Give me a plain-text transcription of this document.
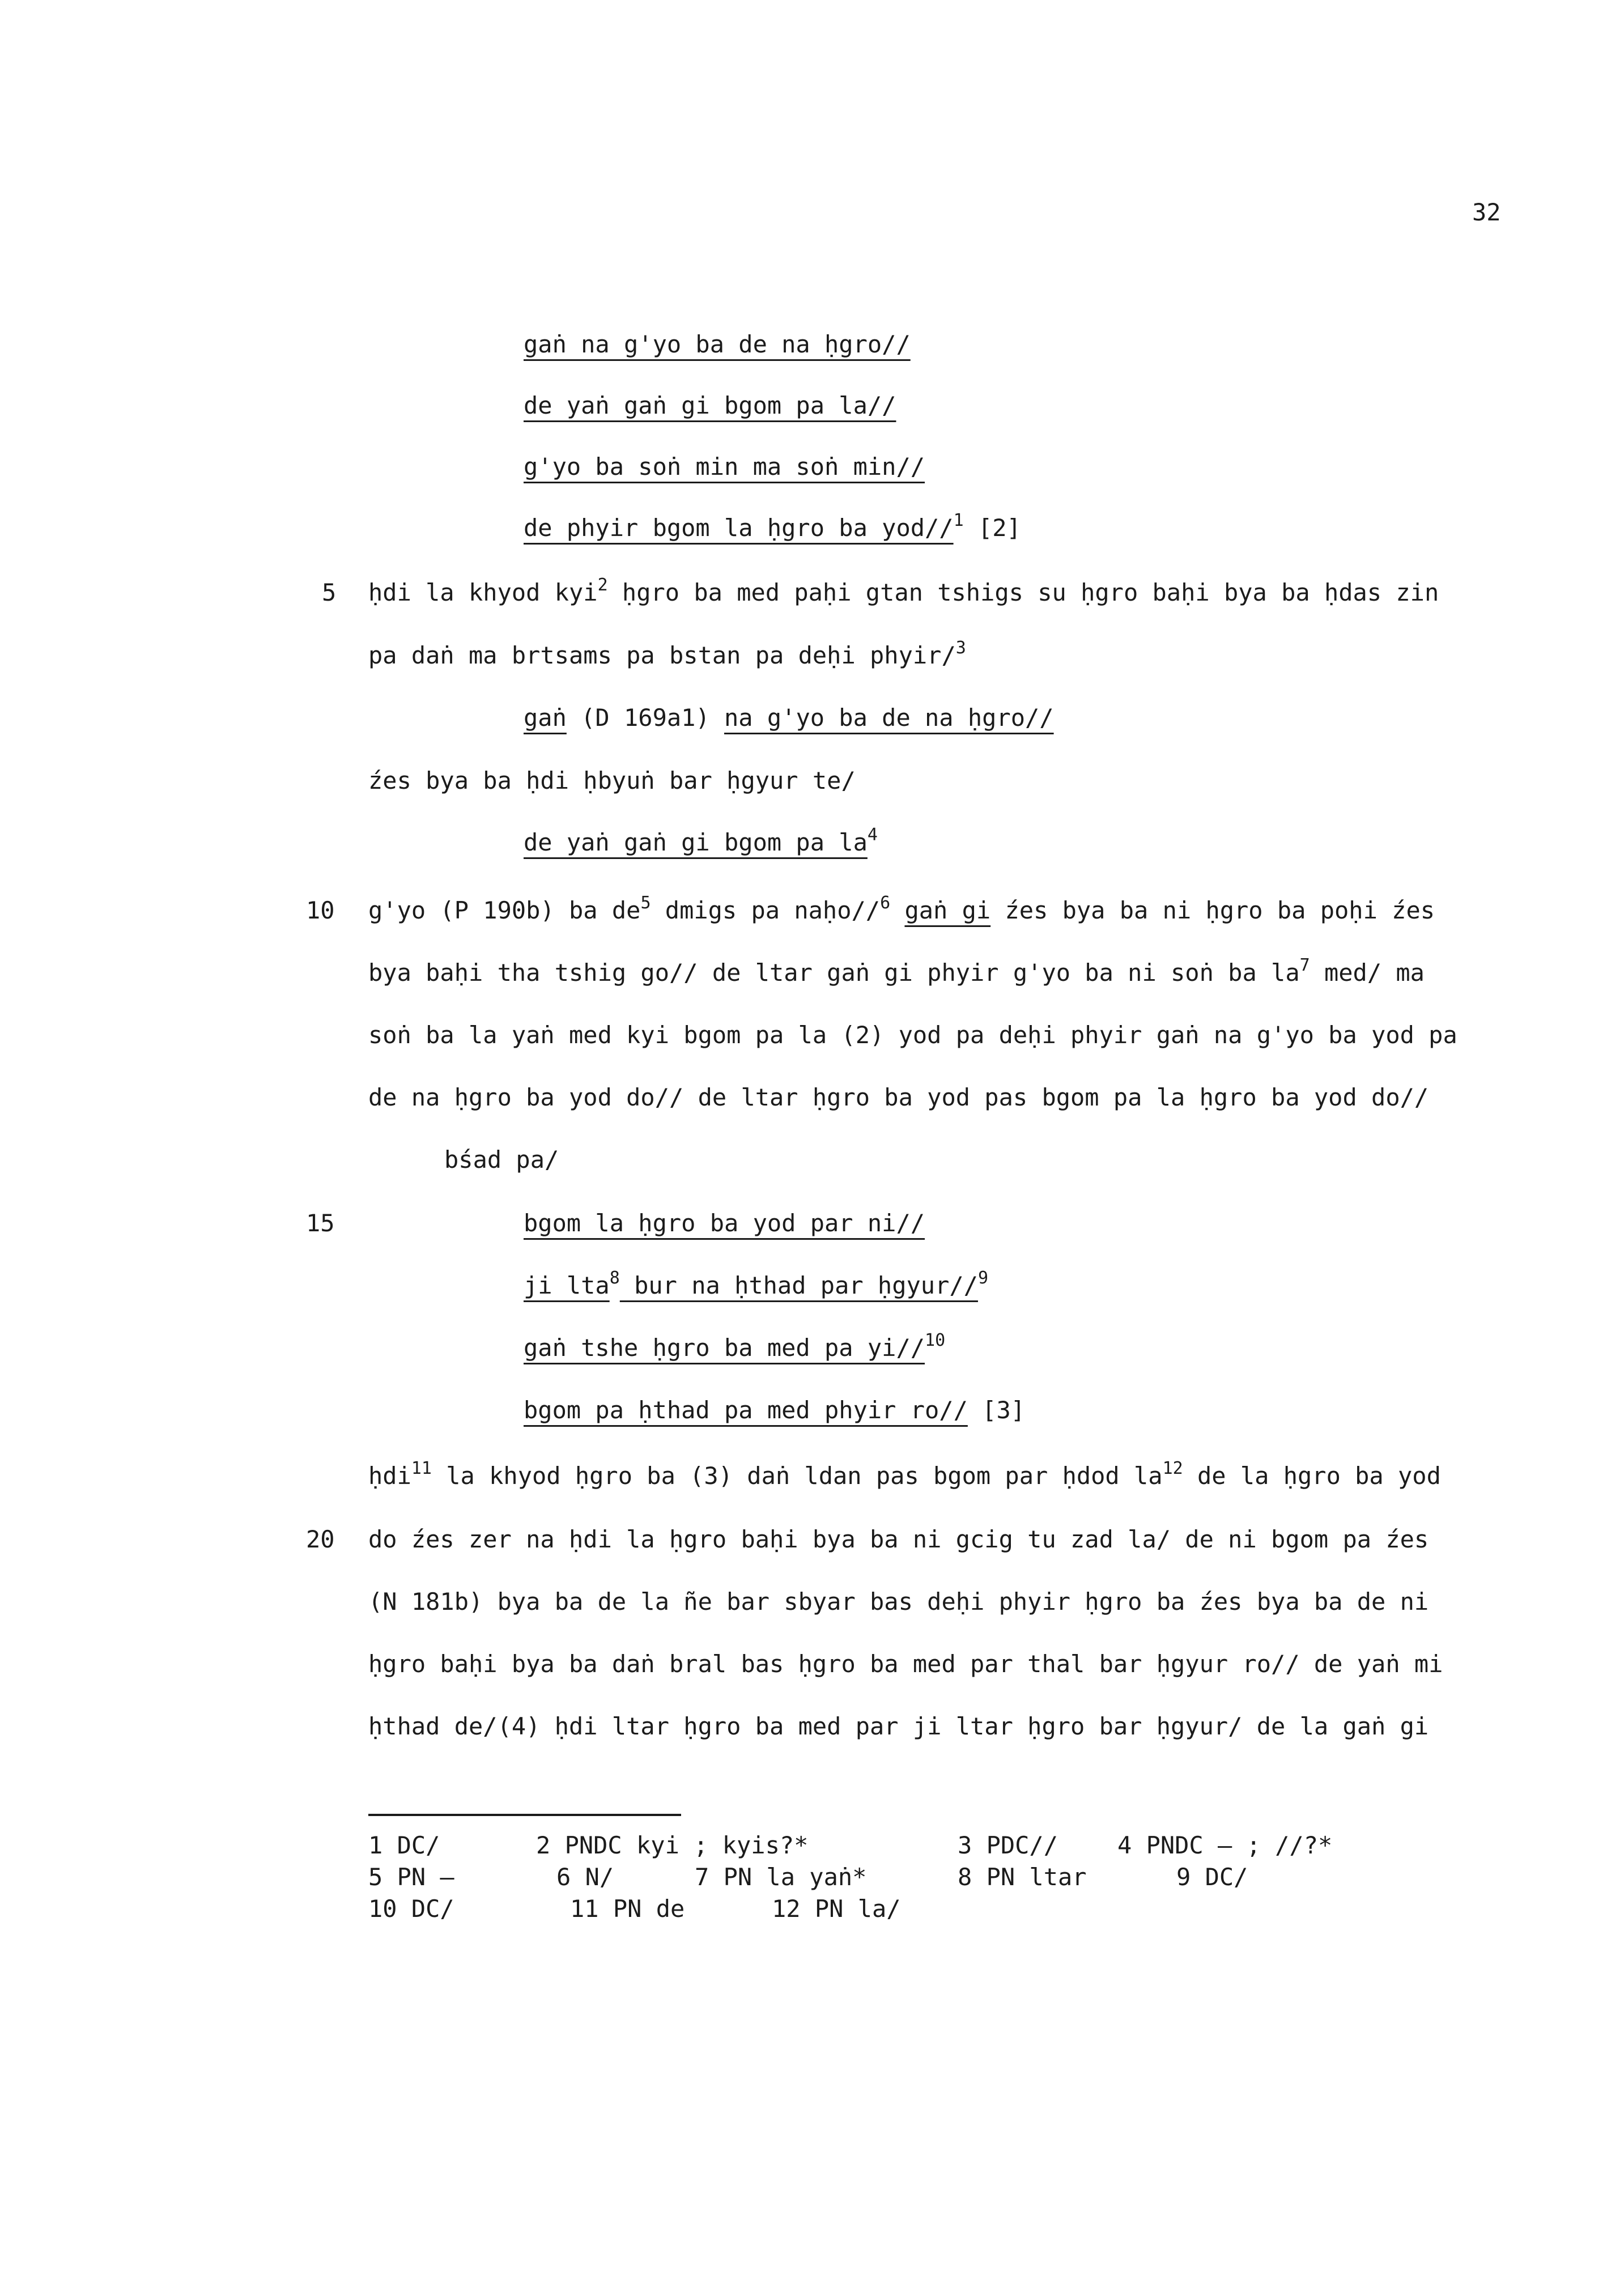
32
gaṅ na g'yo ba de na ḥgro//
de yaṅ gaṅ gi bgom pa la//
g'yo ba soṅ min ma soṅ min//
de phyir bgom la ḥgro ba yod//$^1$ [2]
5 ḥdi la khyod kyi$^2$ ḥgro ba med paḥi gtan tshigs su ḥgro baḥi bya ba ḥdas zin
pa daṅ ma brtsams pa bstan pa deḥi phyir/$^3$
gaṅ (D 169a1) na g'yo ba de na ḥgro//
źes bya ba ḥdi ḥbyuṅ bar ḥgyur te/
de yaṅ gaṅ gi bgom pa $la^4$
10 g'yo (P 190b) ba $de^5$ dmigs pa naḥo//$^6$ gaṅ gi źes bya ba ni ḥgro ba poḥi źes
bya baḥi tha tshig go// de ltar gaṅ gi phyir g'yo ba ni soṅ ba $la^7$ med/ ma
soṅ ba la yaṅ med kyi bgom pa la (2) yod pa deḥi phyir gaṅ na g'yo ba yod pa
de na ḥgro ba yod do// de ltar ḥgro ba yod pas bgom pa la ḥgro ba yod do//
bśad pa/
15	bgom la ḥgro ba yod par ni//
ji lta$^8$ bur na ḥthad par ḥgyur//$^9$
gaṅ tshe ḥgro ba med pa yi//$^{10}$
bgom pa ḥthad pa med phyir ro// [3]
ḥdi$^{11}$ la khyod ḥgro ba (3) daṅ ldan pas bgom par ḥdod $la^{12}$ de la ḥgro ba yod
20 do źes zer na ḥdi la ḥgro baḥi bya ba ni gcig tu zad la/ de ni bgom pa źes
(N 181b) bya ba de la ñe bar sbyar bas deḥi phyir ḥgro ba źes bya ba de ni
ḥgro baḥi bya ba daṅ bral bas ḥgro ba med par thal bar ḥgyur ro// de yaṅ mi
ḥthad de/(4) ḥdi ltar ḥgro ba med par ji ltar ḥgro bar ḥgyur/ de la gaṅ gi
1 DC/	2 PNDC kyi ; kyis?*	3 PDC// 4 PNDC — ; //?*
5 PN —	6 N/	7 PN la yaṅ*	8 PN ltar	9 DC/
10 DC/	11 PN de	12 PN la/
